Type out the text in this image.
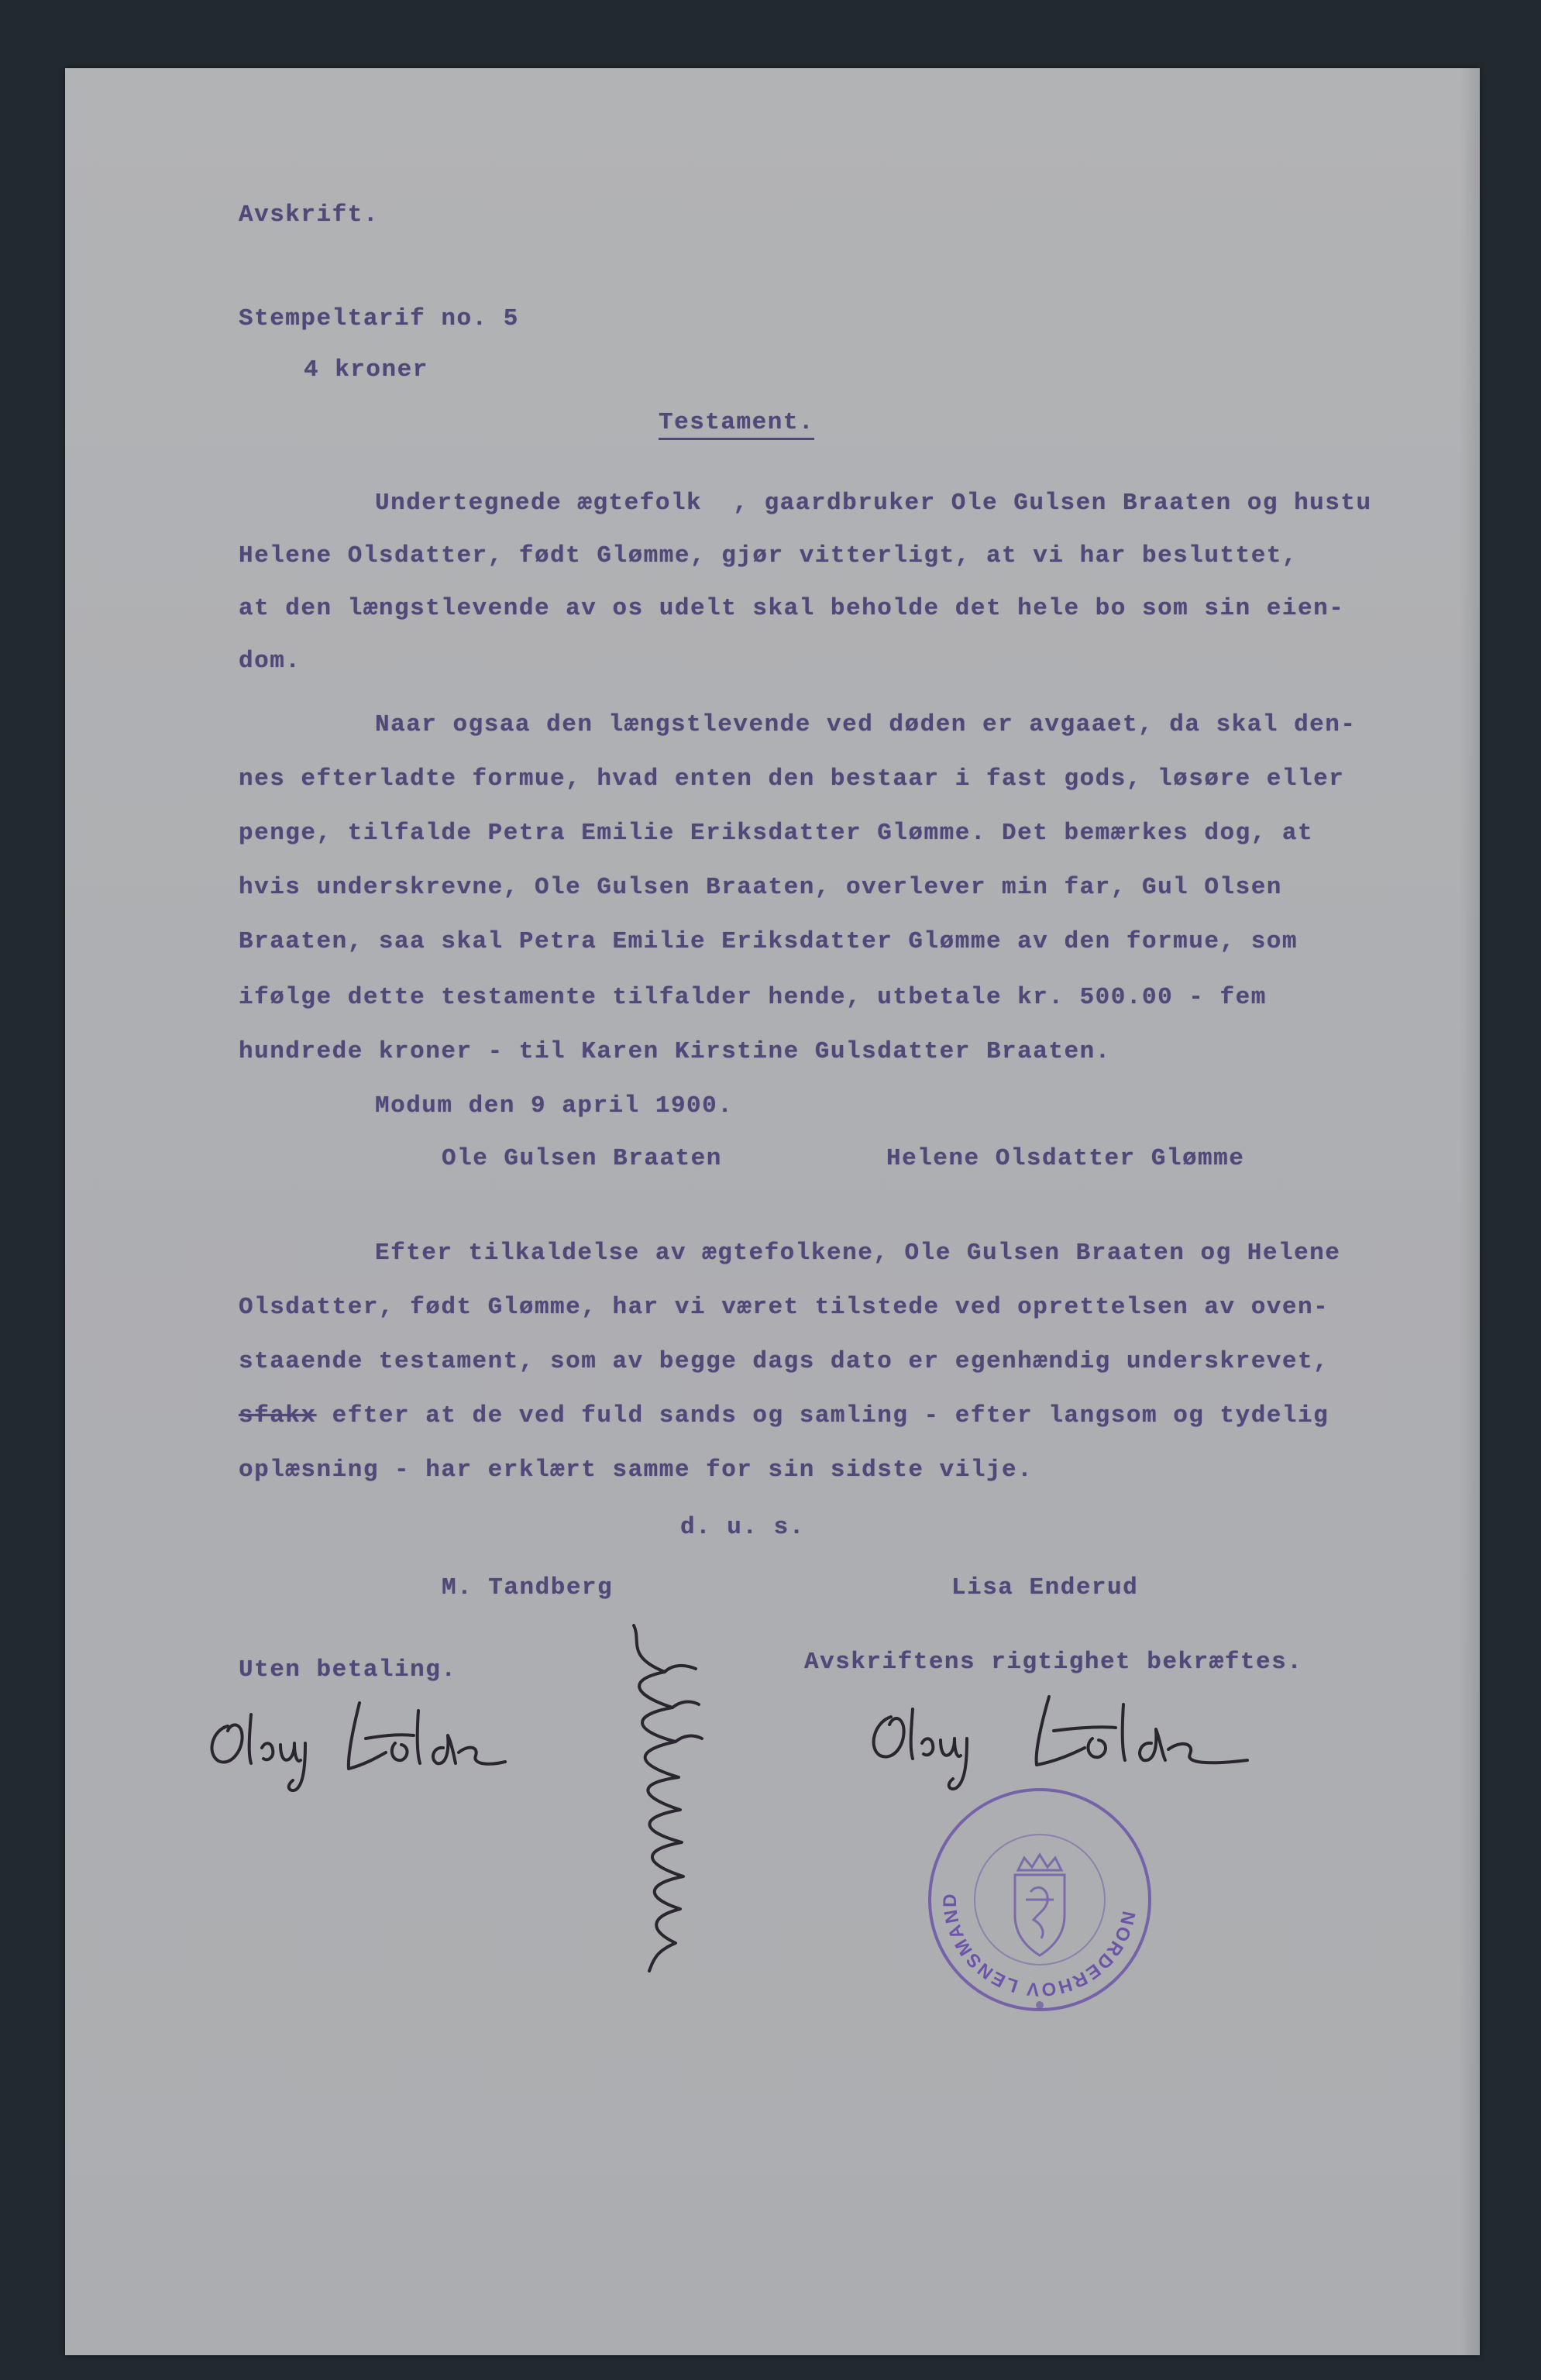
Avskrift.
Stempeltarif no. 5
4 kroner
Testament.
Undertegnede ægtefolk  , gaardbruker Ole Gulsen Braaten og hustu
Helene Olsdatter, født Glømme, gjør vitterligt, at vi har besluttet,
at den længstlevende av os udelt skal beholde det hele bo som sin eien-
dom.
Naar ogsaa den længstlevende ved døden er avgaaet, da skal den-
nes efterladte formue, hvad enten den bestaar i fast gods, løsøre eller
penge, tilfalde Petra Emilie Eriksdatter Glømme. Det bemærkes dog, at
hvis underskrevne, Ole Gulsen Braaten, overlever min far, Gul Olsen
Braaten, saa skal Petra Emilie Eriksdatter Glømme av den formue, som
ifølge dette testamente tilfalder hende, utbetale kr. 500.00 - fem
hundrede kroner - til Karen Kirstine Gulsdatter Braaten.
Modum den 9 april 1900.
Ole Gulsen Braaten	Helene Olsdatter Glømme
Efter tilkaldelse av ægtefolkene, Ole Gulsen Braaten og Helene
Olsdatter, født Glømme, har vi været tilstede ved oprettelsen av oven-
staaende testament, som av begge dags dato er egenhændig underskrevet,
sfakx efter at de ved fuld sands og samling - efter langsom og tydelig
oplæsning - har erklært samme for sin sidste vilje.
d. u. s.
M. Tandberg	Lisa Enderud
Uten betaling.	Avskriftens rigtighet bekræftes.
NORDERHOV LENSMAND
